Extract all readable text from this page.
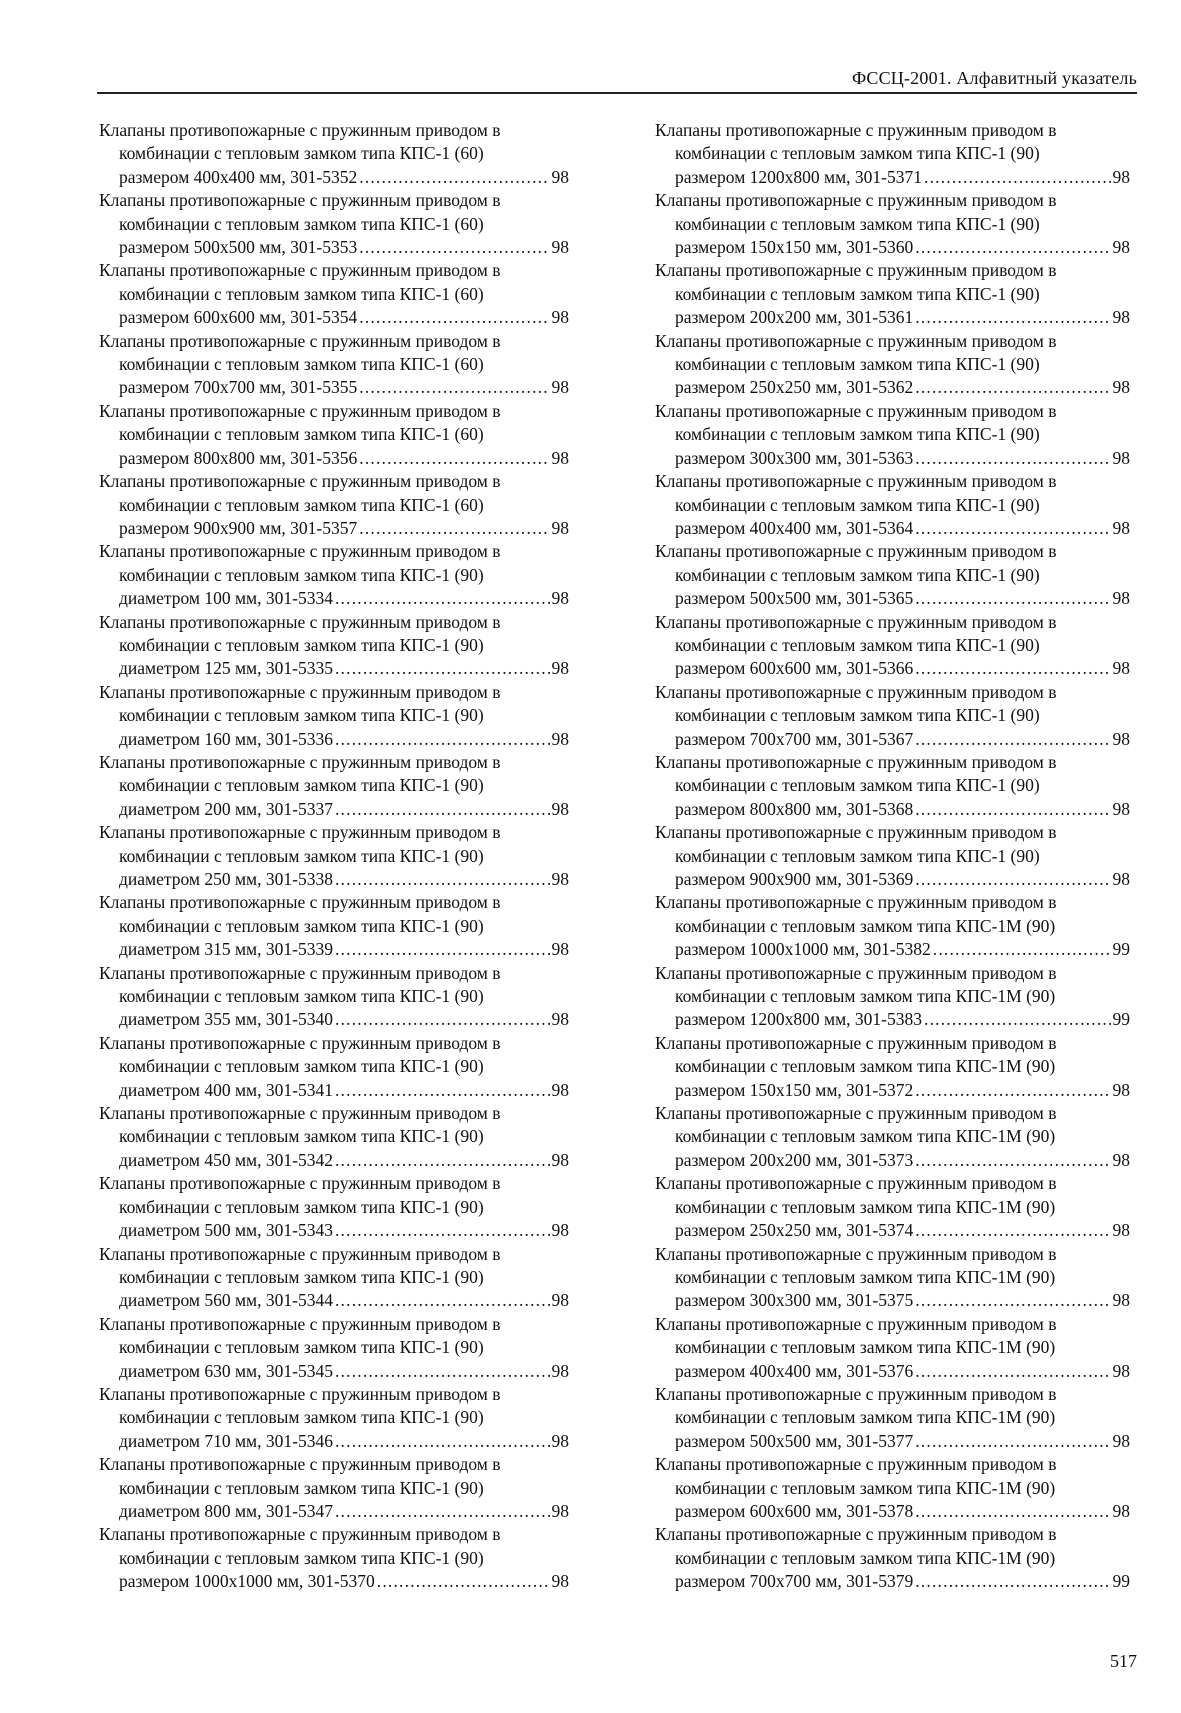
ФССЦ-2001. Алфавитный указатель
Клапаны противопожарные с пружинным приводом в
комбинации с тепловым замком типа КПС-1 (60)
размером 400х400 мм, 301-5352 .....	98
Клапаны противопожарные с пружинным приводом в
комбинации с тепловым замком типа КПС-1 (60)
размером 500х500 мм, 301-5353 .....	98
Клапаны противопожарные с пружинным приводом в
комбинации с тепловым замком типа КПС-1 (60)
размером 600х600 мм, 301-5354 .....	98
Клапаны противопожарные с пружинным приводом в
комбинации с тепловым замком типа КПС-1 (60)
размером 700х700 мм, 301-5355 .....	98
Клапаны противопожарные с пружинным приводом в
комбинации с тепловым замком типа КПС-1 (60)
размером 800х800 мм, 301-5356 .....	98
Клапаны противопожарные с пружинным приводом в
комбинации с тепловым замком типа КПС-1 (60)
размером 900х900 мм, 301-5357 .....	98
Клапаны противопожарные с пружинным приводом в
комбинации с тепловым замком типа КПС-1 (90)
диаметром 100 мм, 301-5334 .....	98
Клапаны противопожарные с пружинным приводом в
комбинации с тепловым замком типа КПС-1 (90)
диаметром 125 мм, 301-5335 .....	98
Клапаны противопожарные с пружинным приводом в
комбинации с тепловым замком типа КПС-1 (90)
диаметром 160 мм, 301-5336 .....	98
Клапаны противопожарные с пружинным приводом в
комбинации с тепловым замком типа КПС-1 (90)
диаметром 200 мм, 301-5337 .....	98
Клапаны противопожарные с пружинным приводом в
комбинации с тепловым замком типа КПС-1 (90)
диаметром 250 мм, 301-5338 .....	98
Клапаны противопожарные с пружинным приводом в
комбинации с тепловым замком типа КПС-1 (90)
диаметром 315 мм, 301-5339 .....	98
Клапаны противопожарные с пружинным приводом в
комбинации с тепловым замком типа КПС-1 (90)
диаметром 355 мм, 301-5340 .....	98
Клапаны противопожарные с пружинным приводом в
комбинации с тепловым замком типа КПС-1 (90)
диаметром 400 мм, 301-5341 .....	98
Клапаны противопожарные с пружинным приводом в
комбинации с тепловым замком типа КПС-1 (90)
диаметром 450 мм, 301-5342 .....	98
Клапаны противопожарные с пружинным приводом в
комбинации с тепловым замком типа КПС-1 (90)
диаметром 500 мм, 301-5343 .....	98
Клапаны противопожарные с пружинным приводом в
комбинации с тепловым замком типа КПС-1 (90)
диаметром 560 мм, 301-5344 .....	98
Клапаны противопожарные с пружинным приводом в
комбинации с тепловым замком типа КПС-1 (90)
диаметром 630 мм, 301-5345 .....	98
Клапаны противопожарные с пружинным приводом в
комбинации с тепловым замком типа КПС-1 (90)
диаметром 710 мм, 301-5346 .....	98
Клапаны противопожарные с пружинным приводом в
комбинации с тепловым замком типа КПС-1 (90)
диаметром 800 мм, 301-5347 .....	98
Клапаны противопожарные с пружинным приводом в
комбинации с тепловым замком типа КПС-1 (90)
размером 1000х1000 мм, 301-5370 .....	98
Клапаны противопожарные с пружинным приводом в
комбинации с тепловым замком типа КПС-1 (90)
размером 1200х800 мм, 301-5371 .....	98
Клапаны противопожарные с пружинным приводом в
комбинации с тепловым замком типа КПС-1 (90)
размером 150х150 мм, 301-5360 .....	98
Клапаны противопожарные с пружинным приводом в
комбинации с тепловым замком типа КПС-1 (90)
размером 200х200 мм, 301-5361 .....	98
Клапаны противопожарные с пружинным приводом в
комбинации с тепловым замком типа КПС-1 (90)
размером 250х250 мм, 301-5362 .....	98
Клапаны противопожарные с пружинным приводом в
комбинации с тепловым замком типа КПС-1 (90)
размером 300х300 мм, 301-5363 .....	98
Клапаны противопожарные с пружинным приводом в
комбинации с тепловым замком типа КПС-1 (90)
размером 400х400 мм, 301-5364 .....	98
Клапаны противопожарные с пружинным приводом в
комбинации с тепловым замком типа КПС-1 (90)
размером 500х500 мм, 301-5365 .....	98
Клапаны противопожарные с пружинным приводом в
комбинации с тепловым замком типа КПС-1 (90)
размером 600х600 мм, 301-5366 .....	98
Клапаны противопожарные с пружинным приводом в
комбинации с тепловым замком типа КПС-1 (90)
размером 700х700 мм, 301-5367 .....	98
Клапаны противопожарные с пружинным приводом в
комбинации с тепловым замком типа КПС-1 (90)
размером 800х800 мм, 301-5368 .....	98
Клапаны противопожарные с пружинным приводом в
комбинации с тепловым замком типа КПС-1 (90)
размером 900х900 мм, 301-5369 .....	98
Клапаны противопожарные с пружинным приводом в
комбинации с тепловым замком типа КПС-1М (90)
размером 1000х1000 мм, 301-5382 .....	99
Клапаны противопожарные с пружинным приводом в
комбинации с тепловым замком типа КПС-1М (90)
размером 1200х800 мм, 301-5383 .....	99
Клапаны противопожарные с пружинным приводом в
комбинации с тепловым замком типа КПС-1М (90)
размером 150х150 мм, 301-5372 .....	98
Клапаны противопожарные с пружинным приводом в
комбинации с тепловым замком типа КПС-1М (90)
размером 200х200 мм, 301-5373 .....	98
Клапаны противопожарные с пружинным приводом в
комбинации с тепловым замком типа КПС-1М (90)
размером 250х250 мм, 301-5374 .....	98
Клапаны противопожарные с пружинным приводом в
комбинации с тепловым замком типа КПС-1М (90)
размером 300х300 мм, 301-5375 .....	98
Клапаны противопожарные с пружинным приводом в
комбинации с тепловым замком типа КПС-1М (90)
размером 400х400 мм, 301-5376 .....	98
Клапаны противопожарные с пружинным приводом в
комбинации с тепловым замком типа КПС-1М (90)
размером 500х500 мм, 301-5377 .....	98
Клапаны противопожарные с пружинным приводом в
комбинации с тепловым замком типа КПС-1М (90)
размером 600х600 мм, 301-5378 .....	98
Клапаны противопожарные с пружинным приводом в
комбинации с тепловым замком типа КПС-1М (90)
размером 700х700 мм, 301-5379 .....	99
517
